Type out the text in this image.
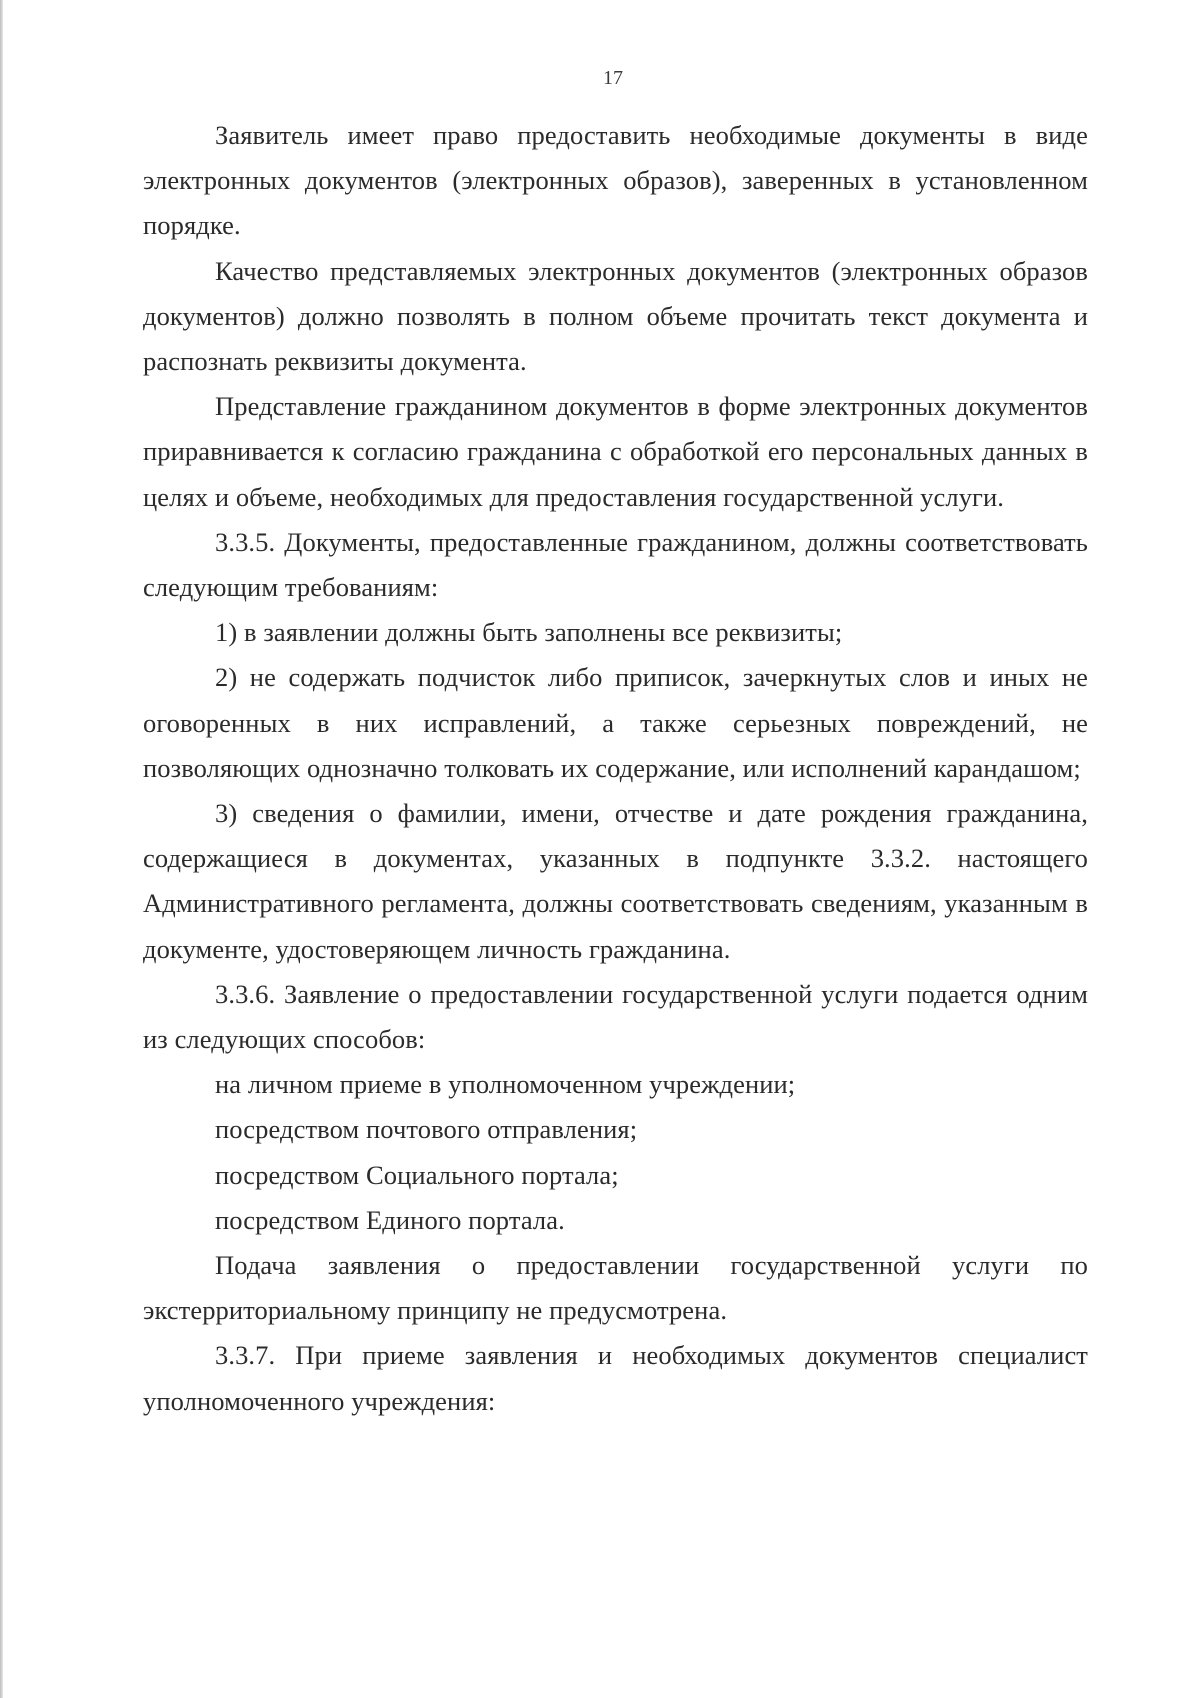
17

Заявитель имеет право предоставить необходимые документы в виде электронных документов (электронных образов), заверенных в установленном порядке.

Качество представляемых электронных документов (электронных образов документов) должно позволять в полном объеме прочитать текст документа и распознать реквизиты документа.

Представление гражданином документов в форме электронных документов приравнивается к согласию гражданина с обработкой его персональных данных в целях и объеме, необходимых для предоставления государственной услуги.

3.3.5. Документы, предоставленные гражданином, должны соответствовать следующим требованиям:

1) в заявлении должны быть заполнены все реквизиты;

2) не содержать подчисток либо приписок, зачеркнутых слов и иных не оговоренных в них исправлений, а также серьезных повреждений, не позволяющих однозначно толковать их содержание, или исполнений карандашом;

3) сведения о фамилии, имени, отчестве и дате рождения гражданина, содержащиеся в документах, указанных в подпункте 3.3.2. настоящего Административного регламента, должны соответствовать сведениям, указанным в документе, удостоверяющем личность гражданина.

3.3.6. Заявление о предоставлении государственной услуги подается одним из следующих способов:

на личном приеме в уполномоченном учреждении;

посредством почтового отправления;

посредством Социального портала;

посредством Единого портала.

Подача заявления о предоставлении государственной услуги по экстерриториальному принципу не предусмотрена.

3.3.7. При приеме заявления и необходимых документов специалист уполномоченного учреждения:
